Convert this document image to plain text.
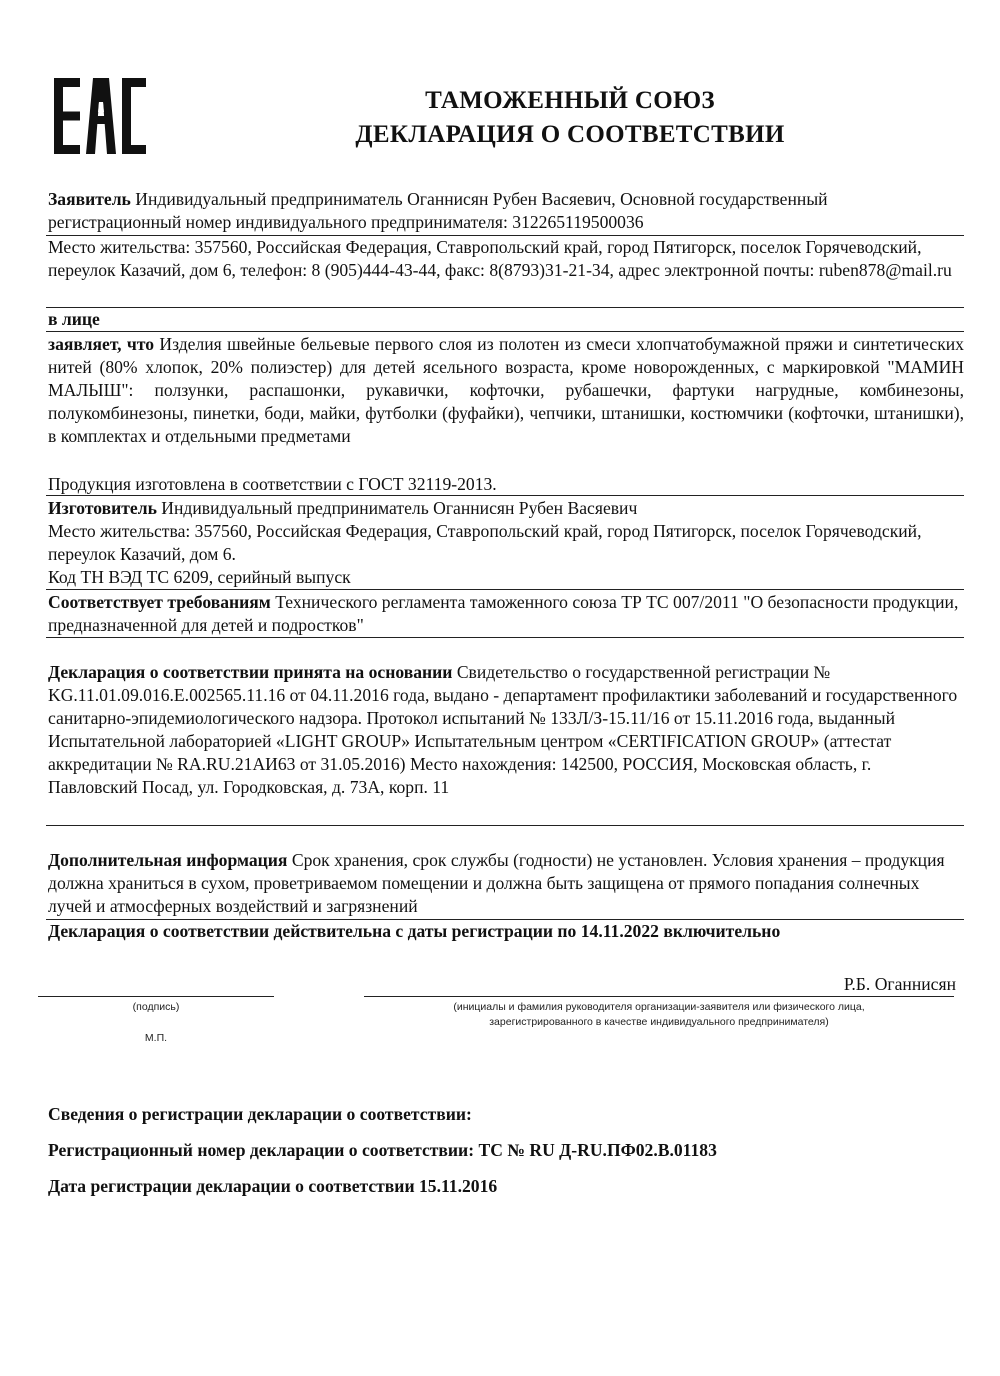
ТАМОЖЕННЫЙ СОЮЗ
ДЕКЛАРАЦИЯ О СООТВЕТСТВИИ
Заявитель Индивидуальный предприниматель Оганнисян Рубен Васяевич, Основной государственный регистрационный номер индивидуального предпринимателя: 312265119500036
Место жительства: 357560, Российская Федерация, Ставропольский край, город Пятигорск, поселок Горячеводский, переулок Казачий, дом 6, телефон: 8 (905)444-43-44, факс: 8(8793)31-21-34, адрес электронной почты: ruben878@mail.ru
в лице
заявляет, что Изделия швейные бельевые первого слоя из полотен из смеси хлопчатобумажной пряжи и синтетических нитей (80% хлопок, 20% полиэстер) для детей ясельного возраста, кроме новорожденных, с маркировкой "МАМИН МАЛЫШ": ползунки, распашонки, рукавички, кофточки, рубашечки, фартуки нагрудные, комбинезоны, полукомбинезоны, пинетки, боди, майки, футболки (фуфайки), чепчики, штанишки, костюмчики (кофточки, штанишки), в комплектах и отдельными предметами
Продукция изготовлена в соответствии с ГОСТ 32119-2013.
Изготовитель Индивидуальный предприниматель Оганнисян Рубен Васяевич
Место жительства: 357560, Российская Федерация, Ставропольский край, город Пятигорск, поселок Горячеводский, переулок Казачий, дом 6.
Код ТН ВЭД ТС 6209, серийный выпуск
Соответствует требованиям Технического регламента таможенного союза ТР ТС 007/2011 "О безопасности продукции, предназначенной для детей и подростков"
Декларация о соответствии принята на основании Свидетельство о государственной регистрации № KG.11.01.09.016.Е.002565.11.16 от 04.11.2016 года, выдано - департамент профилактики заболеваний и государственного санитарно-эпидемиологического надзора. Протокол испытаний № 133Л/З-15.11/16 от 15.11.2016 года, выданный Испытательной лабораторией «LIGHT GROUP» Испытательным центром «CERTIFICATION GROUP» (аттестат аккредитации № RA.RU.21АИ63 от 31.05.2016) Место нахождения: 142500, РОССИЯ, Московская область, г. Павловский Посад, ул. Городковская, д. 73А, корп. 11
Дополнительная информация Срок хранения, срок службы (годности) не установлен. Условия хранения – продукция должна храниться в сухом, проветриваемом помещении и должна быть защищена от прямого попадания солнечных лучей и атмосферных воздействий и загрязнений
Декларация о соответствии действительна с даты регистрации по 14.11.2022 включительно
Р.Б. Оганнисян
(подпись)
М.П.
(инициалы и фамилия руководителя организации-заявителя или физического лица,
зарегистрированного в качестве индивидуального предпринимателя)
Сведения о регистрации декларации о соответствии:
Регистрационный номер декларации о соответствии: ТС № RU Д-RU.ПФ02.В.01183
Дата регистрации декларации о соответствии 15.11.2016
